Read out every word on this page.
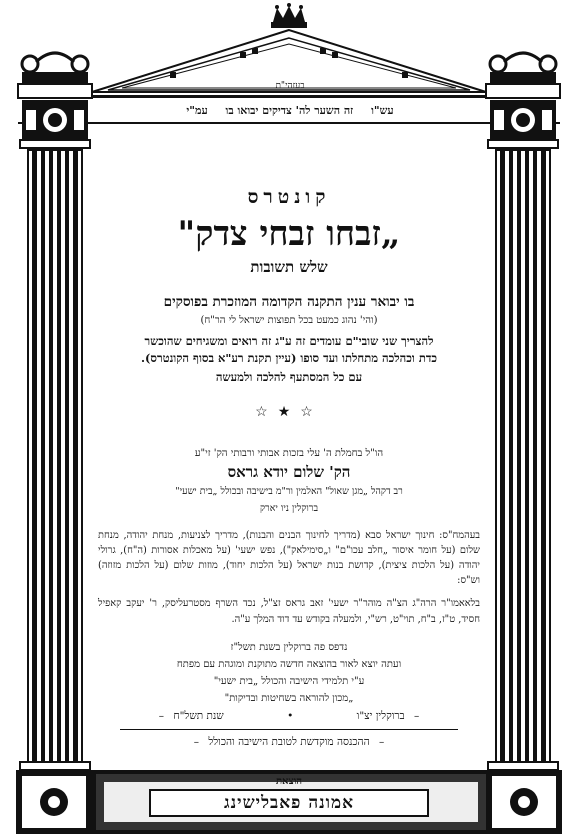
בעזהי"ת
עש"ו זה השער לה' צדיקים יבואו בו עמ"י
קונטרס
„זבחו זבחי צדק"
שלש תשובות
בו יבואר ענין התקנה הקדומה המוזכרת בפוסקים
(והי' נהוג כמעט בכל תפוצות ישראל לי הר"ח)
להצריך שני שובי"ם עומדים זה ע"ג זה רואים ומשגיחים שהוכשר
כדת וכהלכה מתחלתו ועד סופו (עיין תקנת רע"א בסוף הקונטרס).
עם כל המסתעף להלכה ולמעשה
☆★☆
הו"ל בחמלת ה' עלי בזכות אבותי ורבותי הק' זי"ע
הק' שלום יודא גראס
רב דקהל „מגן שאול" האלמין ור"מ בישיבה ובכולל „בית ישעי"
ברוקלין ניו יארק
בעהמח"ס: חינוך ישראל סבא (מדריך לחינוך הבנים והבנות), מדריך לצניעות, מנחת יהודה, מנחת שלום (על חומר איסור „חלב עכו"ם" ו„סימילאק"), נפש ישעי' (על מאכלות אסורות (ה"ח), גרולי יהודה (על הלכות ציצית), קדושת בנות ישראל (על הלכות יחוד), מוזות שלום (על הלכות מזוזה) וש"ס:
בלאאמו"ר הרה"ג הצ"ה מוהר"ר ישעי' זאב גראס זצ"ל, נכד השרף מסטרעליסק, ר' יעקב קאפיל חסיד, ט"ז, ב"ח, תוי"ט, רש"י, ולמעלה בקודש עד דוד המלך ע"ה.
נדפס פה ברוקלין בשנת תשל"ז
ועתה יוצא לאור בהוצאה חדשה מתוקנת ומוגהת עם מפתח
ע"י תלמידי הישיבה והכולל „בית ישעי"
„מכון להוראה בשחיטות ובדיקות"
– ברוקלין יצ"ו • שנת תשל"ח –
– ההכנסה מוקדשת לטובת הישיבה והכולל –
הוצאת
אמונה פאבלישינג
